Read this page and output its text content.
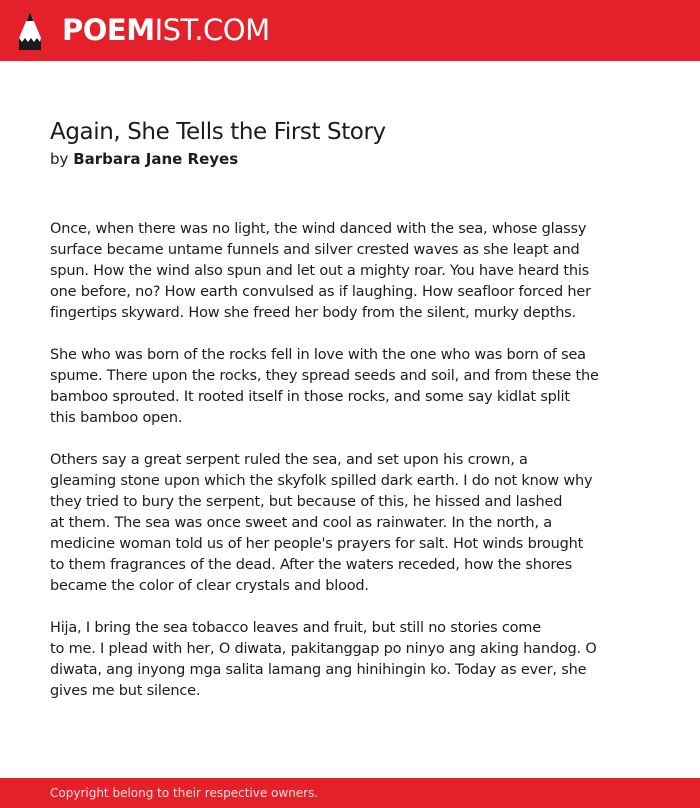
POEMIST.COM
Again, She Tells the First Story
by Barbara Jane Reyes

Once, when there was no light, the wind danced with the sea, whose glassy
surface became untame funnels and silver crested waves as she leapt and
spun. How the wind also spun and let out a mighty roar. You have heard this
one before, no? How earth convulsed as if laughing. How seafloor forced her
fingertips skyward. How she freed her body from the silent, murky depths.

She who was born of the rocks fell in love with the one who was born of sea
spume. There upon the rocks, they spread seeds and soil, and from these the
bamboo sprouted. It rooted itself in those rocks, and some say kidlat split
this bamboo open.

Others say a great serpent ruled the sea, and set upon his crown, a
gleaming stone upon which the skyfolk spilled dark earth. I do not know why
they tried to bury the serpent, but because of this, he hissed and lashed
at them. The sea was once sweet and cool as rainwater. In the north, a
medicine woman told us of her people's prayers for salt. Hot winds brought
to them fragrances of the dead. After the waters receded, how the shores
became the color of clear crystals and blood.

Hija, I bring the sea tobacco leaves and fruit, but still no stories come
to me. I plead with her, O diwata, pakitanggap po ninyo ang aking handog. O
diwata, ang inyong mga salita lamang ang hinihingin ko. Today as ever, she
gives me but silence.

Copyright belong to their respective owners.
